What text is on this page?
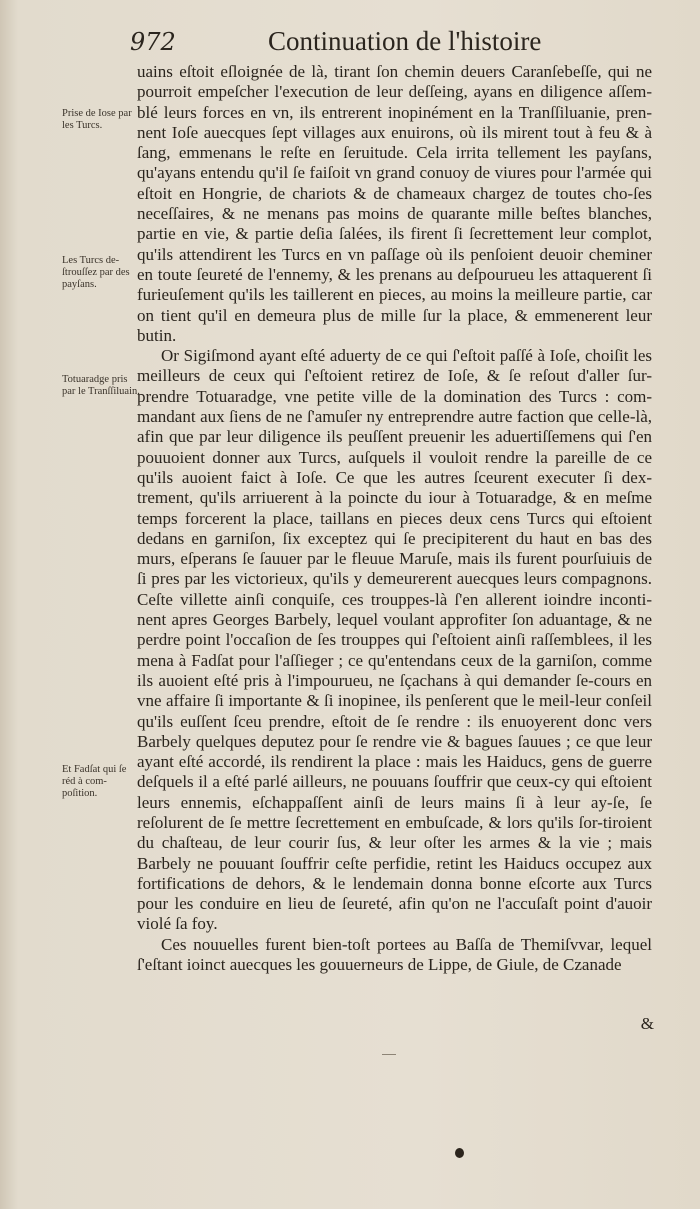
972	Continuation de l'histoire
Prise de Iose par les Turcs.
Les Turcs de-ſtrouſſez par des payſans.
Totuaradge pris par le Tranſſiluain.
Et Fadſat qui ſe réd à com-poſition.

uains eſtoit eſloignée de là, tirant ſon chemin deuers Caranſebeſſe, qui ne pourroit empeſcher l'execution de leur deſſeing, ayans en diligence aſſem-blé leurs forces en vn, ils entrerent inopinément en la Tranſſiluanie, pren-nent Ioſe auecques ſept villages aux enuirons, où ils mirent tout à feu & à ſang, emmenans le reſte en ſeruitude. Cela irrita tellement les payſans, qu'ayans entendu qu'il ſe faiſoit vn grand conuoy de viures pour l'armée qui eſtoit en Hongrie, de chariots & de chameaux chargez de toutes cho-ſes neceſſaires, & ne menans pas moins de quarante mille beſtes blanches, partie en vie, & partie deſia ſalées, ils firent ſi ſecrettement leur complot, qu'ils attendirent les Turcs en vn paſſage où ils penſoient deuoir cheminer en toute ſeureté de l'ennemy, & les prenans au deſpourueu les attaquerent ſi furieuſement qu'ils les taillerent en pieces, au moins la meilleure partie, car on tient qu'il en demeura plus de mille ſur la place, & emmenerent leur butin.

Or Sigiſmond ayant eſté aduerty de ce qui ſ'eſtoit paſſé à Ioſe, choiſit les meilleurs de ceux qui ſ'eſtoient retirez de Ioſe, & ſe reſout d'aller ſur-prendre Totuaradge, vne petite ville de la domination des Turcs : com-mandant aux ſiens de ne ſ'amuſer ny entreprendre autre faction que celle-là, afin que par leur diligence ils peuſſent preuenir les aduertiſſemens qui ſ'en pouuoient donner aux Turcs, auſquels il vouloit rendre la pareille de ce qu'ils auoient faict à Ioſe. Ce que les autres ſceurent executer ſi dex-trement, qu'ils arriuerent à la poincte du iour à Totuaradge, & en meſme temps forcerent la place, taillans en pieces deux cens Turcs qui eſtoient dedans en garniſon, ſix exceptez qui ſe precipiterent du haut en bas des murs, eſperans ſe ſauuer par le fleuue Maruſe, mais ils furent pourſuiuis de ſi pres par les victorieux, qu'ils y demeurerent auecques leurs compagnons. Ceſte villette ainſi conquiſe, ces trouppes-là ſ'en allerent ioindre inconti-nent apres Georges Barbely, lequel voulant approfiter ſon aduantage, & ne perdre point l'occaſion de ſes trouppes qui ſ'eſtoient ainſi raſſemblees, il les mena à Fadſat pour l'aſſieger ; ce qu'entendans ceux de la garniſon, comme ils auoient eſté pris à l'impourueu, ne ſçachans à qui demander ſe-cours en vne affaire ſi importante & ſi inopinee, ils penſerent que le meil-leur conſeil qu'ils euſſent ſceu prendre, eſtoit de ſe rendre : ils enuoyerent donc vers Barbely quelques deputez pour ſe rendre vie & bagues ſauues ; ce que leur ayant eſté accordé, ils rendirent la place : mais les Haiducs, gens de guerre deſquels il a eſté parlé ailleurs, ne pouuans ſouffrir que ceux-cy qui eſtoient leurs ennemis, eſchappaſſent ainſi de leurs mains ſi à leur ay-ſe, ſe reſolurent de ſe mettre ſecrettement en embuſcade, & lors qu'ils ſor-tiroient du chaſteau, de leur courir ſus, & leur oſter les armes & la vie ; mais Barbely ne pouuant ſouffrir ceſte perfidie, retint les Haiducs occupez aux fortifications de dehors, & le lendemain donna bonne eſcorte aux Turcs pour les conduire en lieu de ſeureté, afin qu'on ne l'accuſaſt point d'auoir violé ſa foy.

Ces nouuelles furent bien-toſt portees au Baſſa de Themiſvvar, lequel ſ'eſtant ioinct auecques les gouuerneurs de Lippe, de Giule, de Czanade

&
